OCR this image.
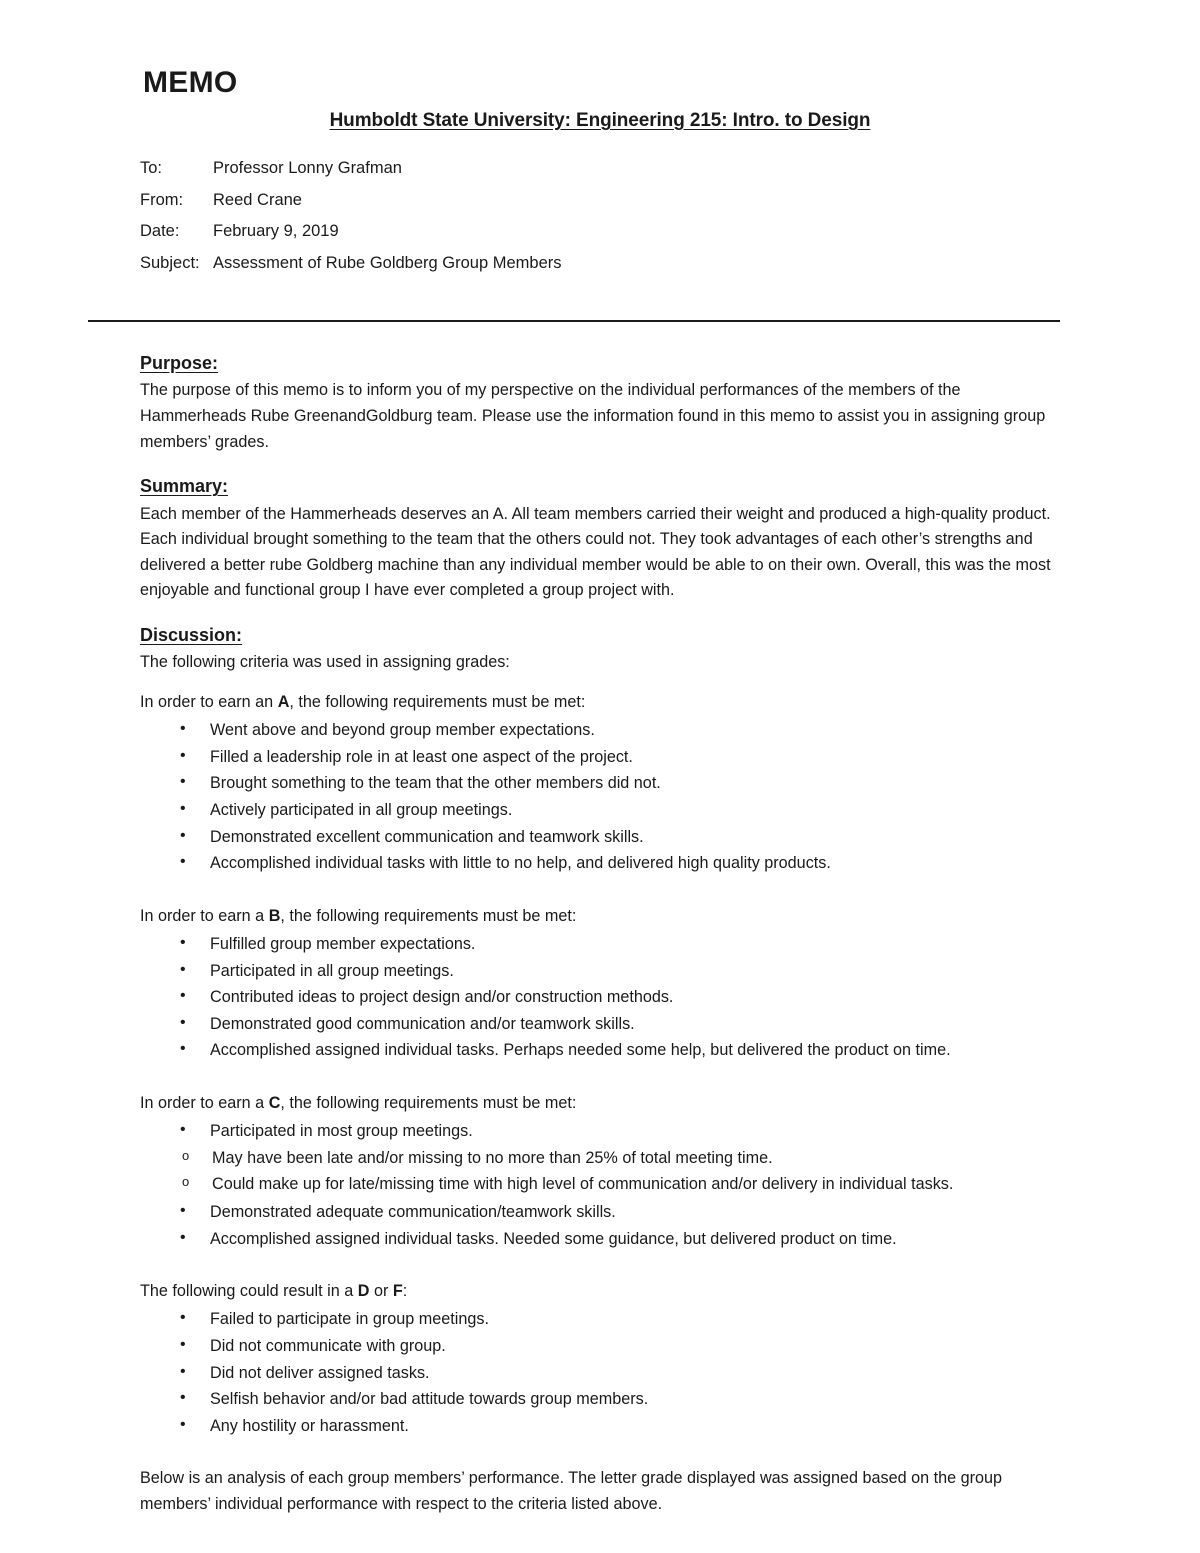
MEMO
Humboldt State University: Engineering 215: Intro. to Design
To:	Professor Lonny Grafman
From:	Reed Crane
Date:	February 9, 2019
Subject: Assessment of Rube Goldberg Group Members
Purpose:

The purpose of this memo is to inform you of my perspective on the individual performances of the members of the Hammerheads Rube GreenandGoldburg team. Please use the information found in this memo to assist you in assigning group members’ grades.

Summary:

Each member of the Hammerheads deserves an A. All team members carried their weight and produced a high-quality product. Each individual brought something to the team that the others could not. They took advantages of each other’s strengths and delivered a better rube Goldberg machine than any individual member would be able to on their own. Overall, this was the most enjoyable and functional group I have ever completed a group project with.

Discussion:

The following criteria was used in assigning grades:

In order to earn an A, the following requirements must be met:

• Went above and beyond group member expectations.
• Filled a leadership role in at least one aspect of the project.
• Brought something to the team that the other members did not.
• Actively participated in all group meetings.
• Demonstrated excellent communication and teamwork skills.
• Accomplished individual tasks with little to no help, and delivered high quality products.

In order to earn a B, the following requirements must be met:

• Fulfilled group member expectations.
• Participated in all group meetings.
• Contributed ideas to project design and/or construction methods.
• Demonstrated good communication and/or teamwork skills.
• Accomplished assigned individual tasks. Perhaps needed some help, but delivered the product on time.

In order to earn a C, the following requirements must be met:

• Participated in most group meetings.
o May have been late and/or missing to no more than 25% of total meeting time.
o Could make up for late/missing time with high level of communication and/or delivery in individual tasks.
• Demonstrated adequate communication/teamwork skills.
• Accomplished assigned individual tasks. Needed some guidance, but delivered product on time.

The following could result in a D or F:

• Failed to participate in group meetings.
• Did not communicate with group.
• Did not deliver assigned tasks.
• Selfish behavior and/or bad attitude towards group members.
• Any hostility or harassment.

Below is an analysis of each group members’ performance. The letter grade displayed was assigned based on the group members’ individual performance with respect to the criteria listed above.
